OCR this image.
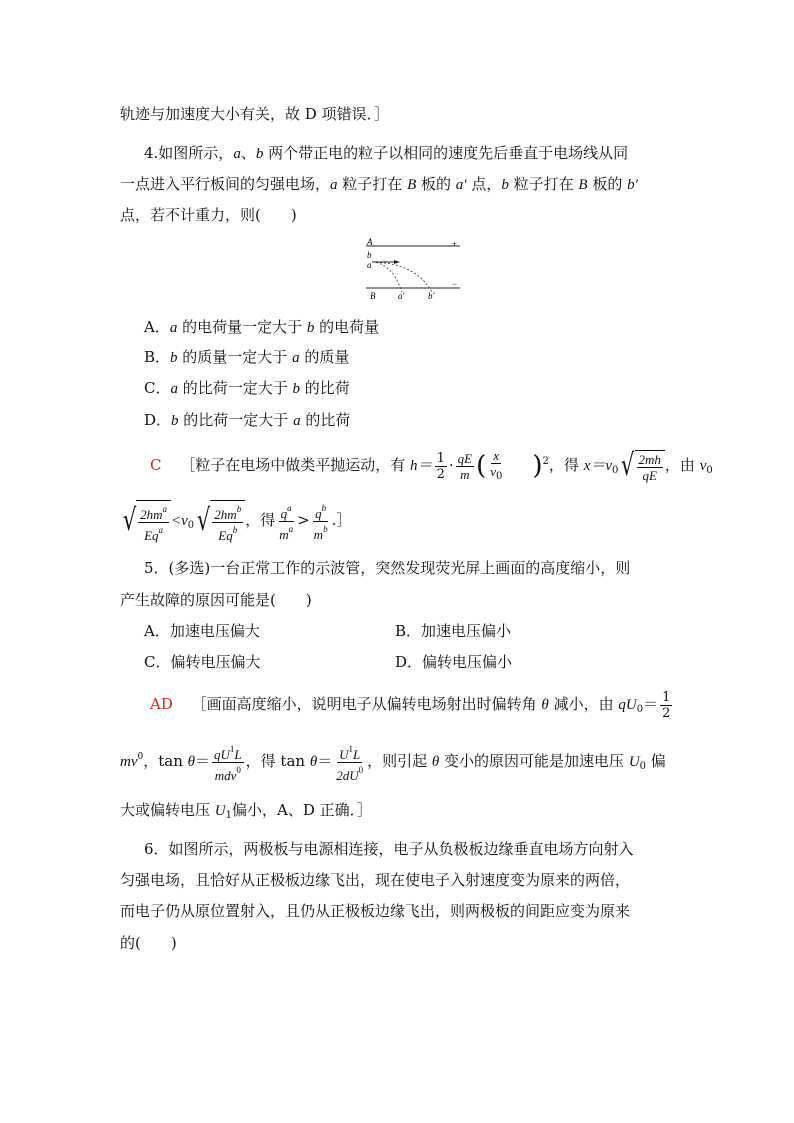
轨迹与加速度大小有关，故 D 项错误．］
4.如图所示，a、b 两个带正电的粒子以相同的速度先后垂直于电场线从同
一点进入平行板间的匀强电场，a 粒子打在 B 板的 a′ 点，b 粒子打在 B 板的 b′
点，若不计重力，则(　　)
A	+
b
a
B	a′	b′
−
A．a 的电荷量一定大于 b 的电荷量
B．b 的质量一定大于 a 的质量
C．a 的比荷一定大于 b 的比荷
D．b 的比荷一定大于 a 的比荷
C ［粒子在电场中做类平抛运动，有 $h= \frac{1}{2} \cdot \frac{qE}{m}$ ( $\frac{x}{v_0} )^2$，得 $x=v_0$ √ $\frac{2mh}{qE}$ ，由 $v_0$
√ $\frac{2hm^a}{Eq^a} <v_0$ √ $\frac{2hm^b}{Eq^b}$ ，得 $\frac{q^a}{m^a} > \frac{q^b}{m^b}$ .］
5．(多选)一台正常工作的示波管，突然发现荧光屏上画面的高度缩小，则
产生故障的原因可能是(　　)
A．加速电压偏大	B．加速电压偏小
C．偏转电压偏大	D．偏转电压偏小
AD ［画面高度缩小，说明电子从偏转电场射出时偏转角 θ 减小，由 $qU_0= \frac{1}{2}$
$mv^0$，$\tan \theta= \frac{qU^1L}{mdv^0}$ ，得 $\tan \theta= \frac{U^1L}{2dU^0}$ ，则引起 θ 变小的原因可能是加速电压 $U_0$ 偏
大或偏转电压 $U_1$偏小，A、D 正确．］
6．如图所示，两极板与电源相连接，电子从负极板边缘垂直电场方向射入
匀强电场，且恰好从正极板边缘飞出，现在使电子入射速度变为原来的两倍，
而电子仍从原位置射入，且仍从正极板边缘飞出，则两极板的间距应变为原来
的(　　)
